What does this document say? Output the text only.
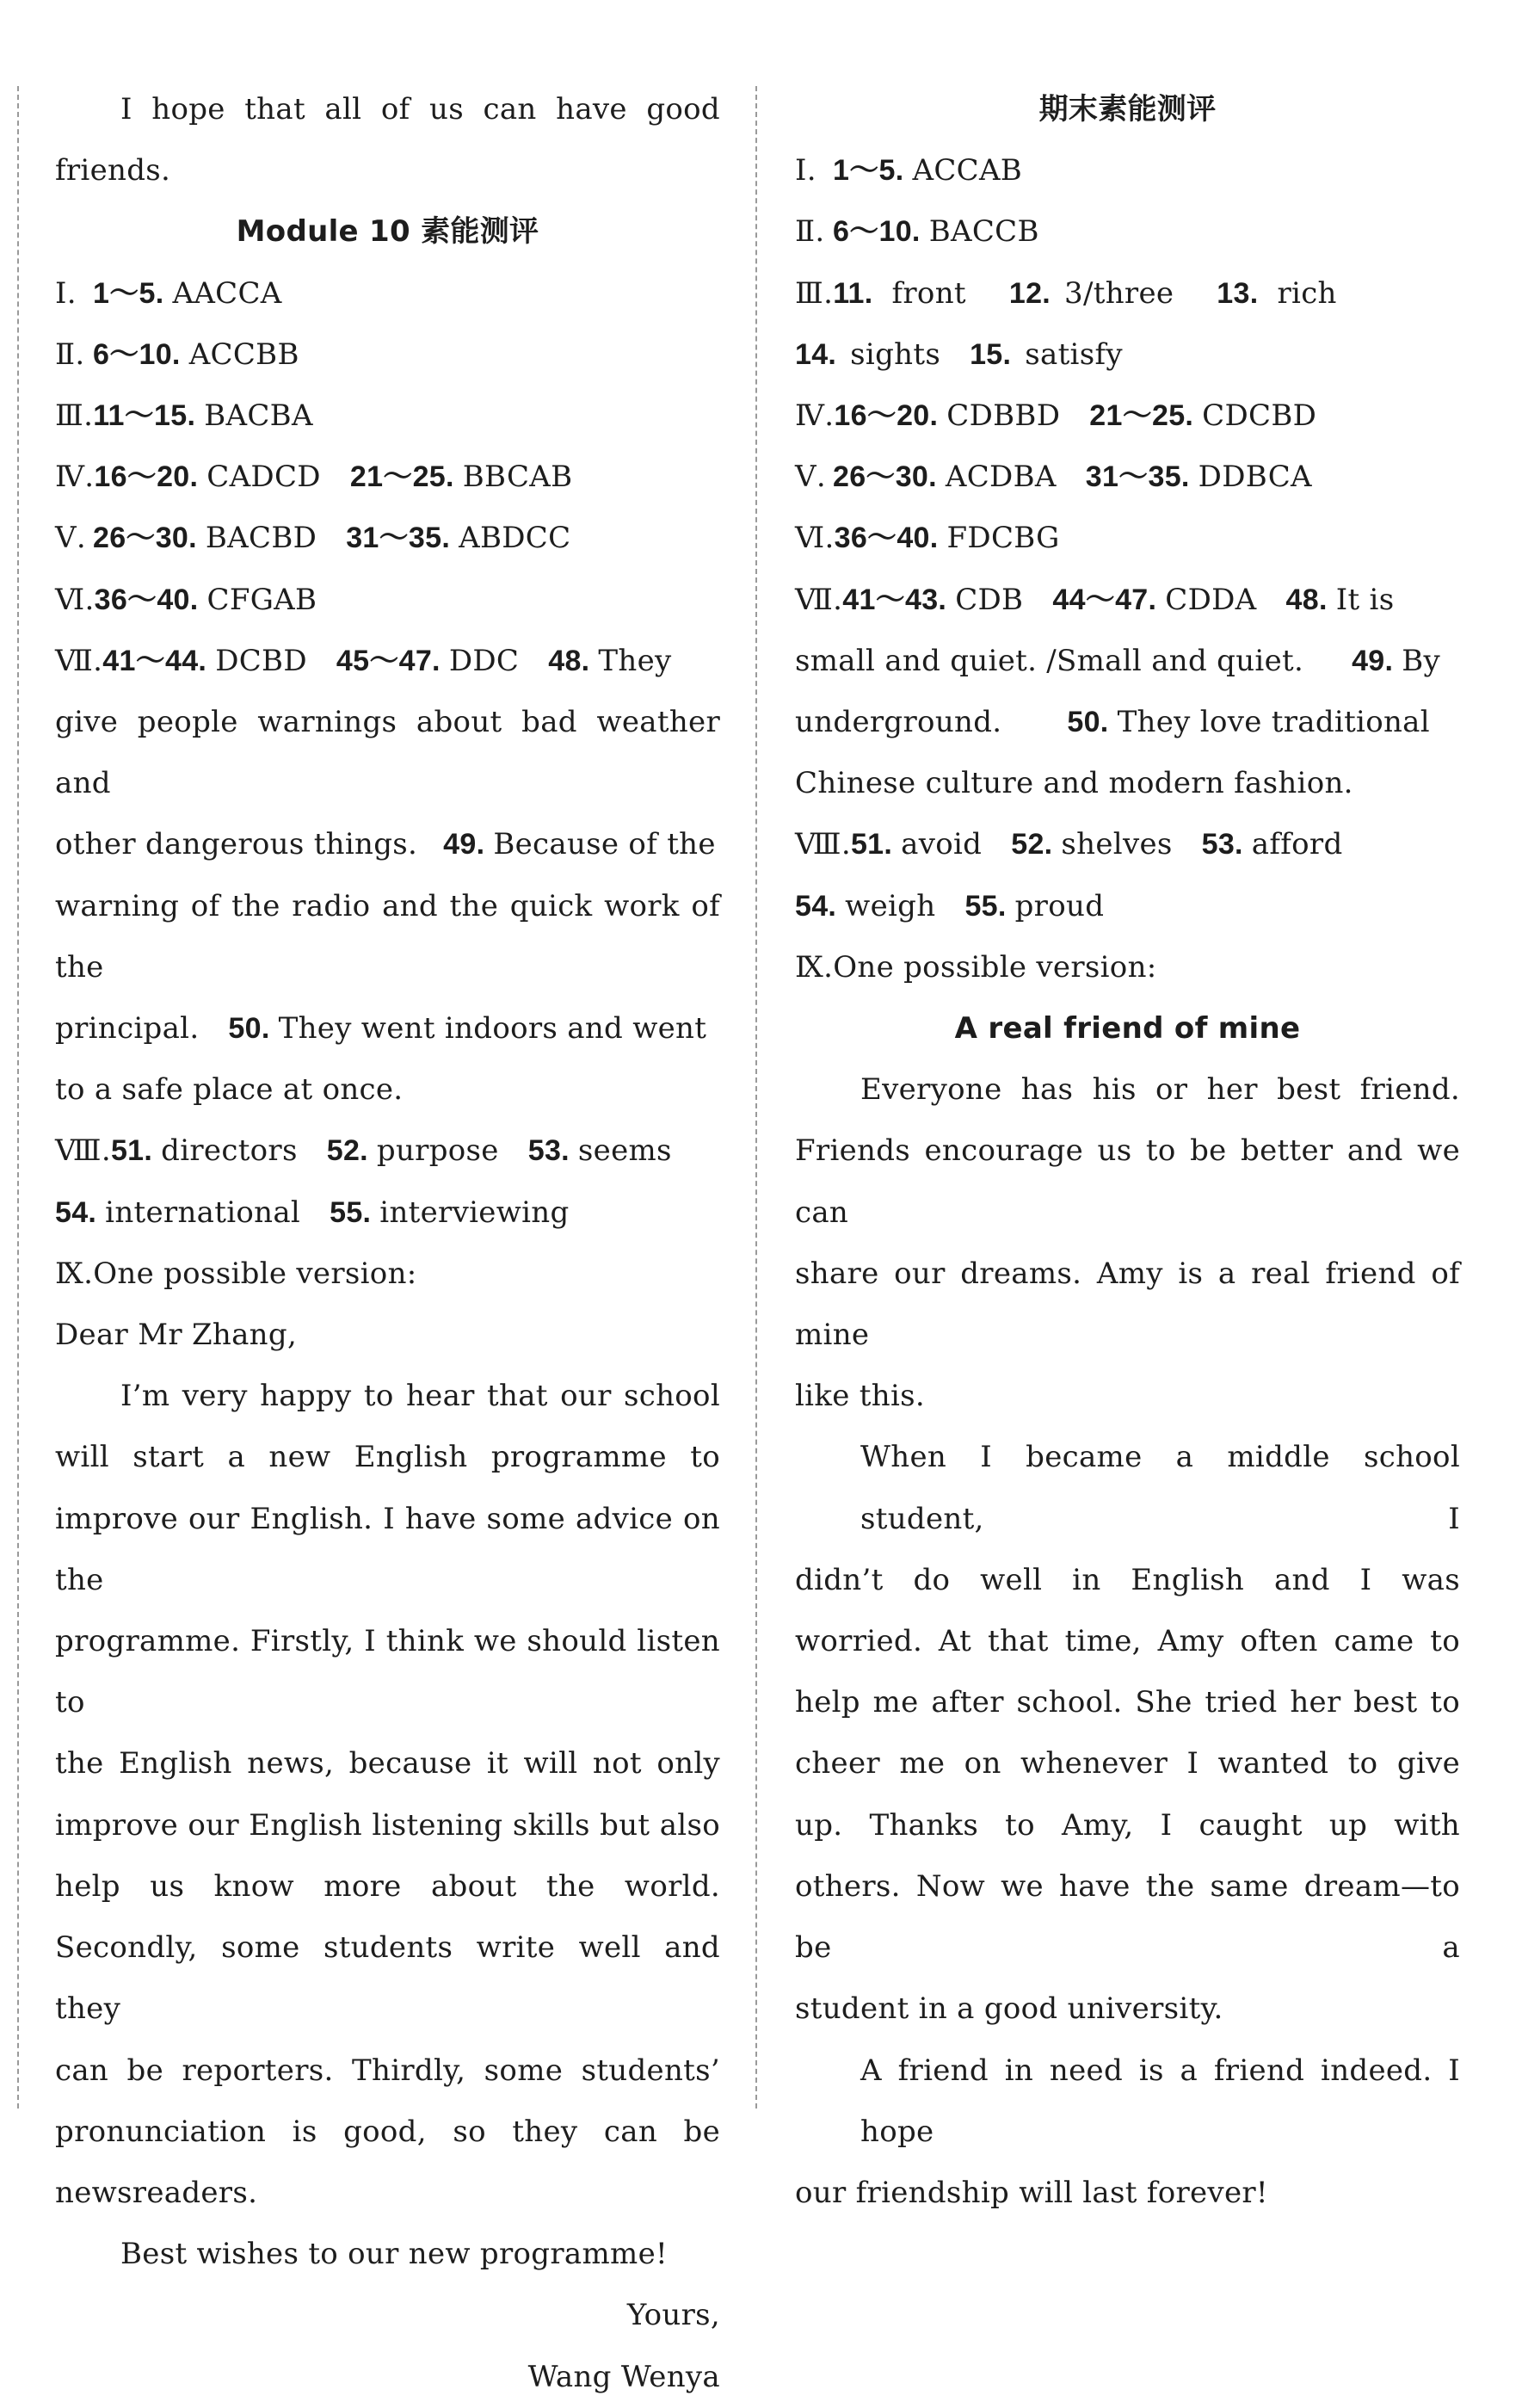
I hope that all of us can have good
friends.
Module 10 素能测评
Ⅰ. 1～5. AACCA
Ⅱ. 6～10. ACCBB
Ⅲ.11～15. BACBA
Ⅳ.16～20. CADCD 21～25. BBCAB
Ⅴ. 26～30. BACBD 31～35. ABDCC
Ⅵ.36～40. CFGAB
Ⅶ.41～44. DCBD 45～47. DDC 48. They
give people warnings about bad weather and
other dangerous things. 49. Because of the
warning of the radio and the quick work of the
principal. 50. They went indoors and went
to a safe place at once.
Ⅷ.51. directors 52. purpose 53. seems
54. international 55. interviewing
Ⅸ.One possible version:
Dear Mr Zhang,
I’m very happy to hear that our school
will start a new English programme to
improve our English. I have some advice on the
programme. Firstly, I think we should listen to
the English news, because it will not only
improve our English listening skills but also
help us know more about the world.
Secondly, some students write well and they
can be reporters. Thirdly, some students’
pronunciation is good, so they can be
newsreaders.
Best wishes to our new programme!
Yours,
Wang Wenya
期末素能测评
Ⅰ. 1～5. ACCAB
Ⅱ. 6～10. BACCB
Ⅲ.11. front 12. 3/three 13. rich
14. sights 15. satisfy
Ⅳ.16～20. CDBBD 21～25. CDCBD
Ⅴ. 26～30. ACDBA 31～35. DDBCA
Ⅵ.36～40. FDCBG
Ⅶ.41～43. CDB 44～47. CDDA 48. It is
small and quiet. /Small and quiet. 49. By
underground. 50. They love traditional
Chinese culture and modern fashion.
Ⅷ.51. avoid 52. shelves 53. afford
54. weigh 55. proud
Ⅸ.One possible version:
A real friend of mine
Everyone has his or her best friend.
Friends encourage us to be better and we can
share our dreams. Amy is a real friend of mine
like this.
When I became a middle school student, I
didn’t do well in English and I was
worried. At that time, Amy often came to
help me after school. She tried her best to
cheer me on whenever I wanted to give
up. Thanks to Amy, I caught up with
others. Now we have the same dream—to be a
student in a good university.
A friend in need is a friend indeed. I hope
our friendship will last forever!
